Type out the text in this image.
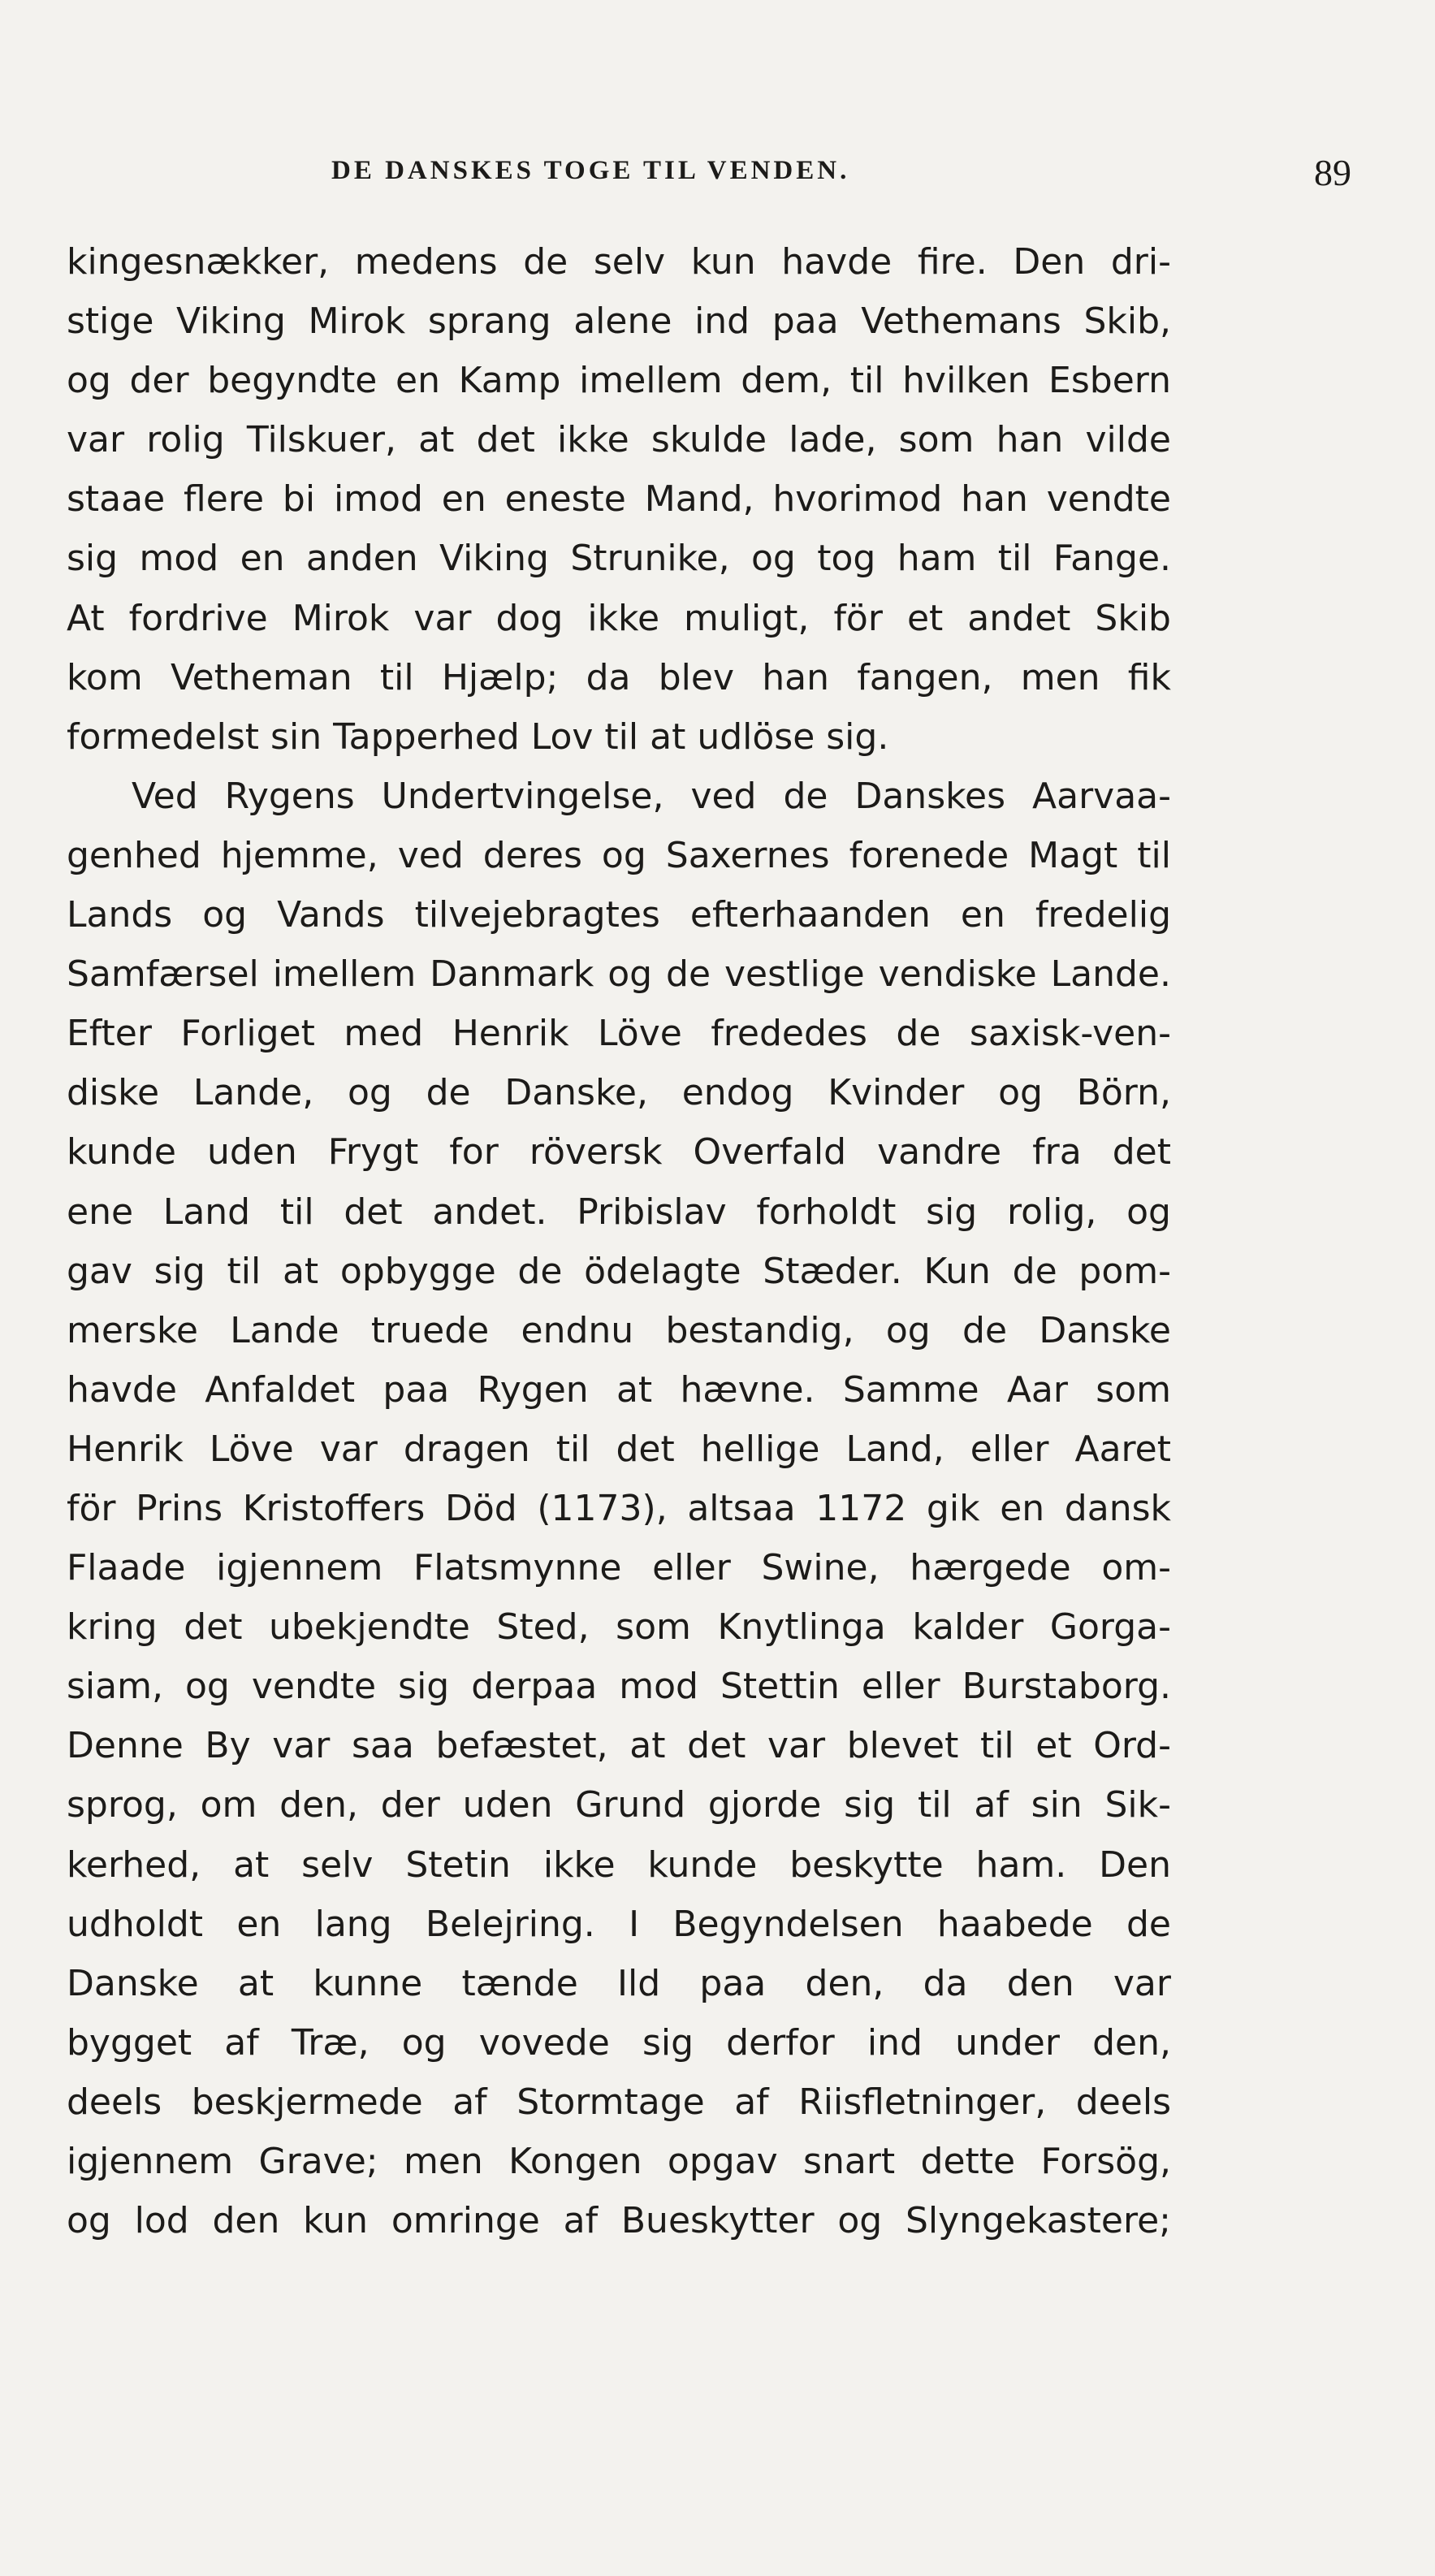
DE DANSKES TOGE TIL VENDEN.	89
kingesnækker, medens de selv kun havde fire. Den dri-
stige Viking Mirok sprang alene ind paa Vethemans Skib,
og der begyndte en Kamp imellem dem, til hvilken Esbern
var rolig Tilskuer, at det ikke skulde lade, som han vilde
staae flere bi imod en eneste Mand, hvorimod han vendte
sig mod en anden Viking Strunike, og tog ham til Fange.
At fordrive Mirok var dog ikke muligt, för et andet Skib
kom Vetheman til Hjælp; da blev han fangen, men fik
formedelst sin Tapperhed Lov til at udlöse sig.
Ved Rygens Undertvingelse, ved de Danskes Aarvaa-
genhed hjemme, ved deres og Saxernes forenede Magt til
Lands og Vands tilvejebragtes efterhaanden en fredelig
Samfærsel imellem Danmark og de vestlige vendiske Lande.
Efter Forliget med Henrik Löve frededes de saxisk-ven-
diske Lande, og de Danske, endog Kvinder og Börn,
kunde uden Frygt for röversk Overfald vandre fra det
ene Land til det andet. Pribislav forholdt sig rolig, og
gav sig til at opbygge de ödelagte Stæder. Kun de pom-
merske Lande truede endnu bestandig, og de Danske
havde Anfaldet paa Rygen at hævne. Samme Aar som
Henrik Löve var dragen til det hellige Land, eller Aaret
för Prins Kristoffers Död (1173), altsaa 1172 gik en dansk
Flaade igjennem Flatsmynne eller Swine, hærgede om-
kring det ubekjendte Sted, som Knytlinga kalder Gorga-
siam, og vendte sig derpaa mod Stettin eller Burstaborg.
Denne By var saa befæstet, at det var blevet til et Ord-
sprog, om den, der uden Grund gjorde sig til af sin Sik-
kerhed, at selv Stetin ikke kunde beskytte ham. Den
udholdt en lang Belejring. I Begyndelsen haabede de
Danske at kunne tænde Ild paa den, da den var
bygget af Træ, og vovede sig derfor ind under den,
deels beskjermede af Stormtage af Riisfletninger, deels
igjennem Grave; men Kongen opgav snart dette Forsög,
og lod den kun omringe af Bueskytter og Slyngekastere;
